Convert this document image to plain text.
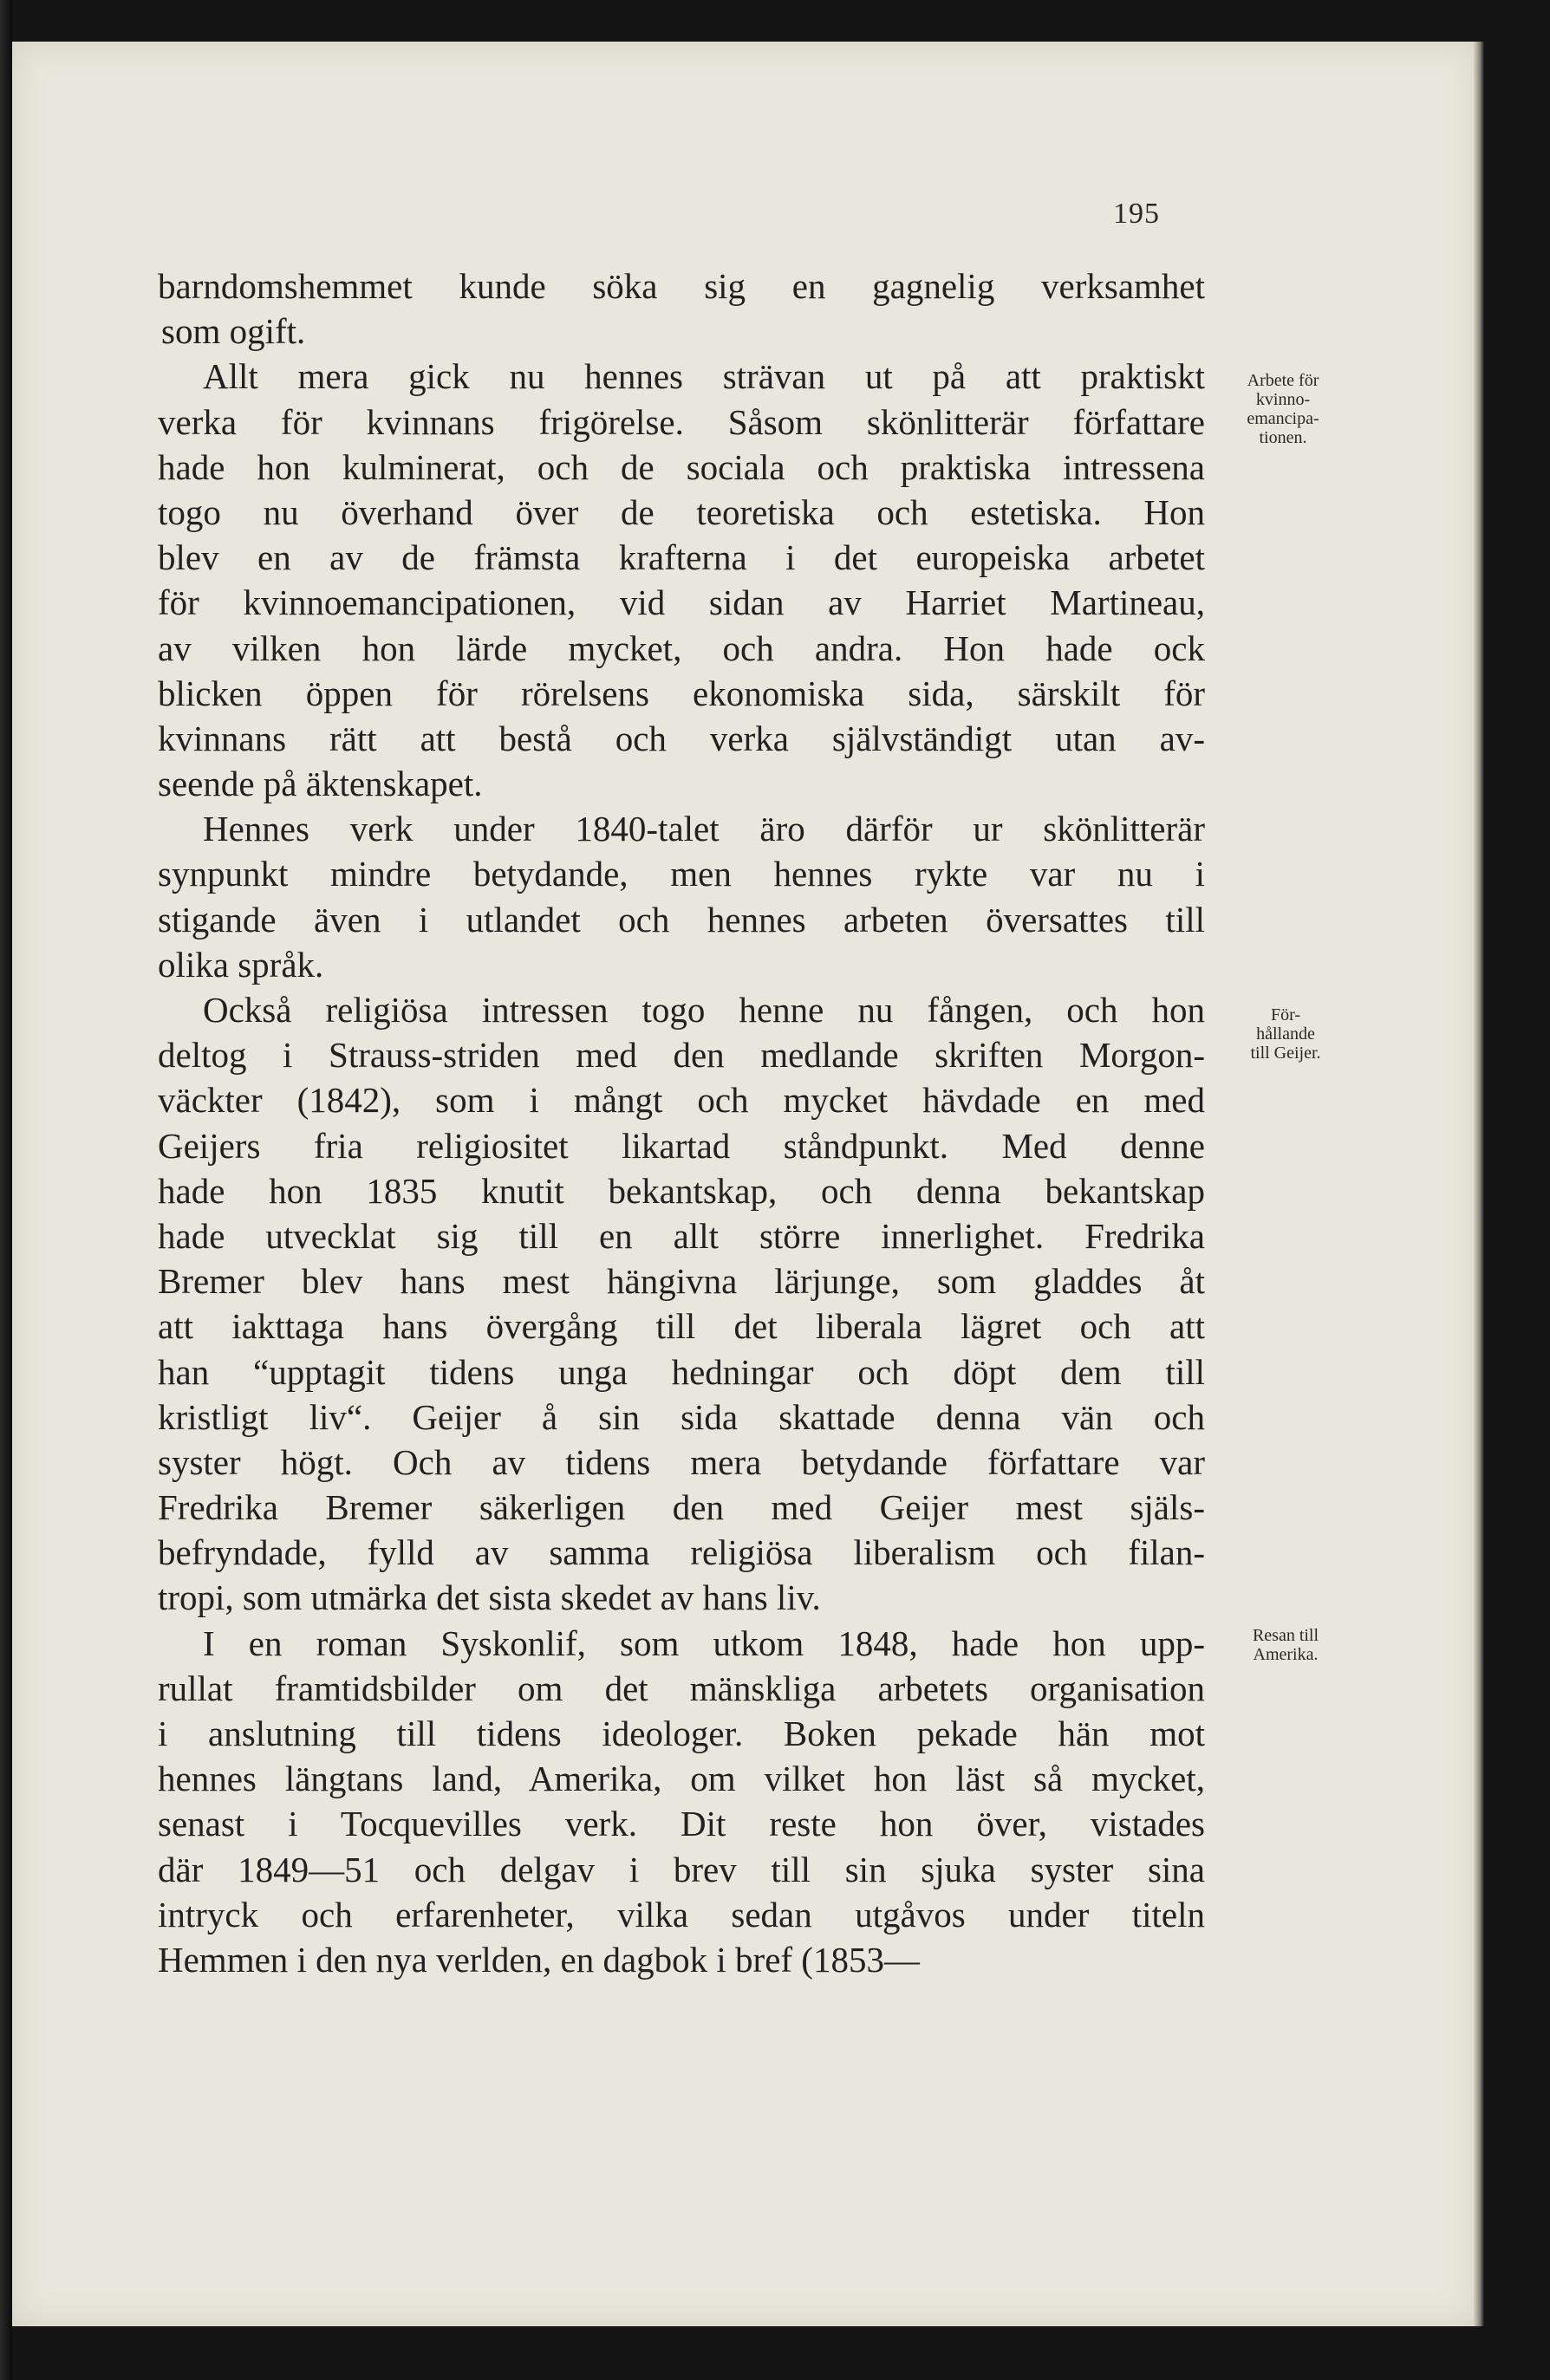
195
barndomshemmet kunde söka sig en gagnelig verksamhet
som ogift.
Allt mera gick nu hennes strävan ut på att praktiskt
verka för kvinnans frigörelse. Såsom skönlitterär författare
hade hon kulminerat, och de sociala och praktiska intressena
togo nu överhand över de teoretiska och estetiska. Hon
blev en av de främsta krafterna i det europeiska arbetet
för kvinnoemancipationen, vid sidan av Harriet Martineau,
av vilken hon lärde mycket, och andra. Hon hade ock
blicken öppen för rörelsens ekonomiska sida, särskilt för
kvinnans rätt att bestå och verka självständigt utan av-
seende på äktenskapet.
Hennes verk under 1840-talet äro därför ur skönlitterär
synpunkt mindre betydande, men hennes rykte var nu i
stigande även i utlandet och hennes arbeten översattes till
olika språk.
Också religiösa intressen togo henne nu fången, och hon
deltog i Strauss-striden med den medlande skriften Morgon-
väckter (1842), som i mångt och mycket hävdade en med
Geijers fria religiositet likartad ståndpunkt. Med denne
hade hon 1835 knutit bekantskap, och denna bekantskap
hade utvecklat sig till en allt större innerlighet. Fredrika
Bremer blev hans mest hängivna lärjunge, som gladdes åt
att iakttaga hans övergång till det liberala lägret och att
han “upptagit tidens unga hedningar och döpt dem till
kristligt liv“. Geijer å sin sida skattade denna vän och
syster högt. Och av tidens mera betydande författare var
Fredrika Bremer säkerligen den med Geijer mest själs-
befryndade, fylld av samma religiösa liberalism och filan-
tropi, som utmärka det sista skedet av hans liv.
I en roman Syskonlif, som utkom 1848, hade hon upp-
rullat framtidsbilder om det mänskliga arbetets organisation
i anslutning till tidens ideologer. Boken pekade hän mot
hennes längtans land, Amerika, om vilket hon läst så mycket,
senast i Tocquevilles verk. Dit reste hon över, vistades
där 1849—51 och delgav i brev till sin sjuka syster sina
intryck och erfarenheter, vilka sedan utgåvos under titeln
Hemmen i den nya verlden, en dagbok i bref (1853—
Arbete för
kvinno-
emancipa-
tionen.
För-
hållande
till Geijer.
Resan till
Amerika.
